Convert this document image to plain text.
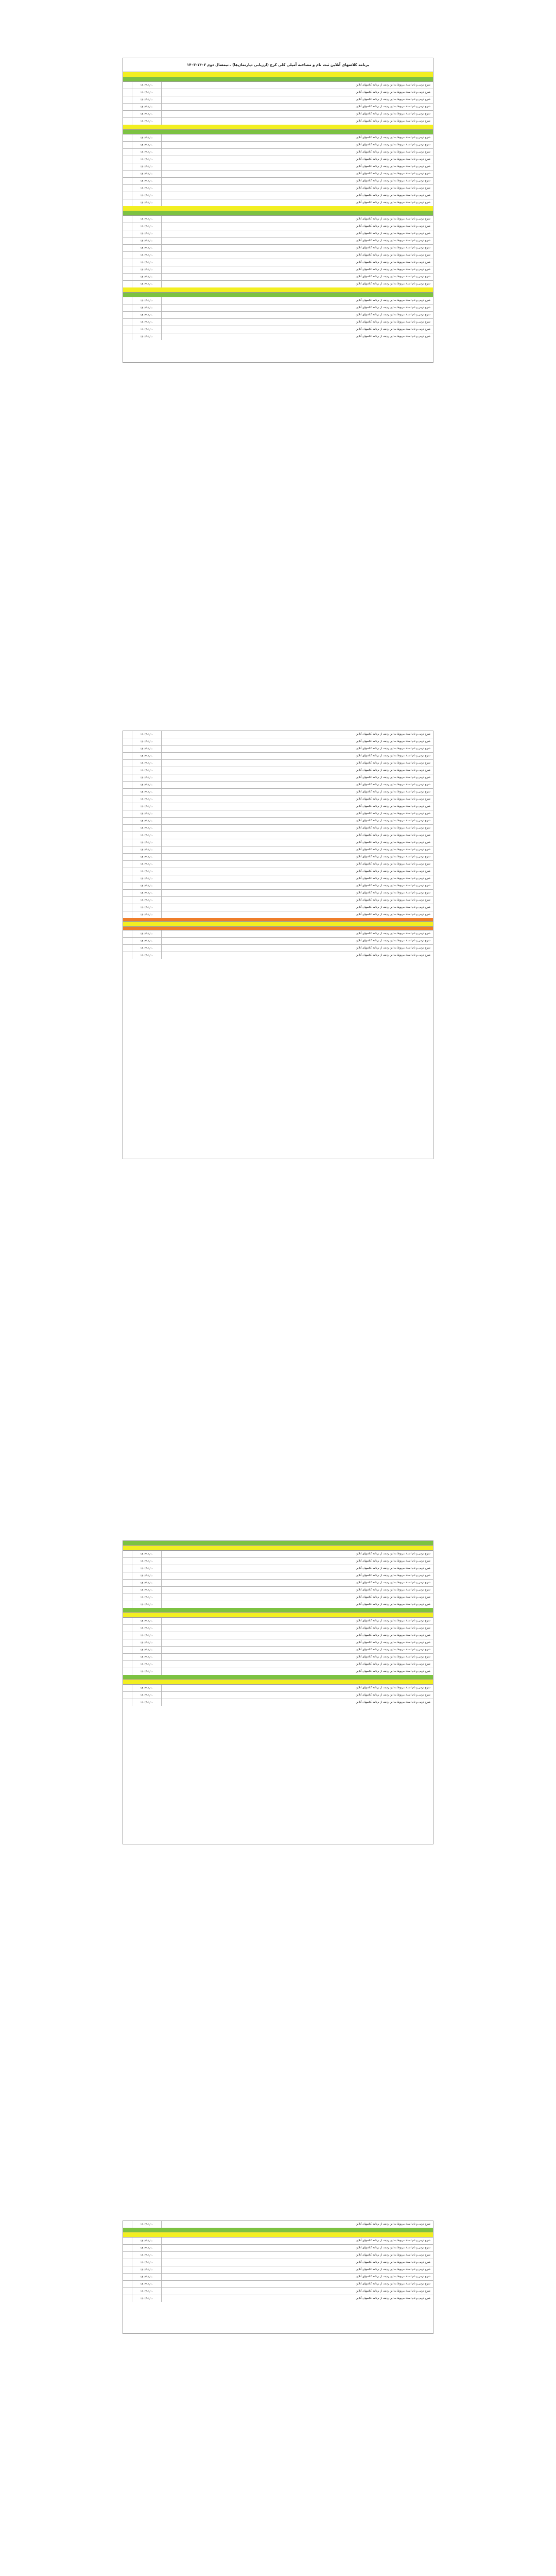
برنامه کلاسهای آنلاین ثبت نام و مصاحبه آمپلی کلی کرج (ارزیابی دپارتمان‌ها) ـ نیمسال دوم ۱۴۰۲-۱۴۰۳
شرح درس و نام استاد مربوط به این ردیف از برنامه کلاسهای آنلاین
۱۴۰۲/۰۱/۱۰
شرح درس و نام استاد مربوط به این ردیف از برنامه کلاسهای آنلاین
۱۴۰۲/۰۱/۱۰
شرح درس و نام استاد مربوط به این ردیف از برنامه کلاسهای آنلاین
۱۴۰۲/۰۱/۱۰
شرح درس و نام استاد مربوط به این ردیف از برنامه کلاسهای آنلاین
۱۴۰۲/۰۱/۱۰
شرح درس و نام استاد مربوط به این ردیف از برنامه کلاسهای آنلاین
۱۴۰۲/۰۱/۱۰
شرح درس و نام استاد مربوط به این ردیف از برنامه کلاسهای آنلاین
۱۴۰۲/۰۱/۱۰
شرح درس و نام استاد مربوط به این ردیف از برنامه کلاسهای آنلاین
۱۴۰۲/۰۱/۱۰
شرح درس و نام استاد مربوط به این ردیف از برنامه کلاسهای آنلاین
۱۴۰۲/۰۱/۱۰
شرح درس و نام استاد مربوط به این ردیف از برنامه کلاسهای آنلاین
۱۴۰۲/۰۱/۱۰
شرح درس و نام استاد مربوط به این ردیف از برنامه کلاسهای آنلاین
۱۴۰۲/۰۱/۱۰
شرح درس و نام استاد مربوط به این ردیف از برنامه کلاسهای آنلاین
۱۴۰۲/۰۱/۱۰
شرح درس و نام استاد مربوط به این ردیف از برنامه کلاسهای آنلاین
۱۴۰۲/۰۱/۱۰
شرح درس و نام استاد مربوط به این ردیف از برنامه کلاسهای آنلاین
۱۴۰۲/۰۱/۱۰
شرح درس و نام استاد مربوط به این ردیف از برنامه کلاسهای آنلاین
۱۴۰۲/۰۱/۱۰
شرح درس و نام استاد مربوط به این ردیف از برنامه کلاسهای آنلاین
۱۴۰۲/۰۱/۱۰
شرح درس و نام استاد مربوط به این ردیف از برنامه کلاسهای آنلاین
۱۴۰۲/۰۱/۱۰
شرح درس و نام استاد مربوط به این ردیف از برنامه کلاسهای آنلاین
۱۴۰۲/۰۱/۱۰
شرح درس و نام استاد مربوط به این ردیف از برنامه کلاسهای آنلاین
۱۴۰۲/۰۱/۱۰
شرح درس و نام استاد مربوط به این ردیف از برنامه کلاسهای آنلاین
۱۴۰۲/۰۱/۱۰
شرح درس و نام استاد مربوط به این ردیف از برنامه کلاسهای آنلاین
۱۴۰۲/۰۱/۱۰
شرح درس و نام استاد مربوط به این ردیف از برنامه کلاسهای آنلاین
۱۴۰۲/۰۱/۱۰
شرح درس و نام استاد مربوط به این ردیف از برنامه کلاسهای آنلاین
۱۴۰۲/۰۱/۱۰
شرح درس و نام استاد مربوط به این ردیف از برنامه کلاسهای آنلاین
۱۴۰۲/۰۱/۱۰
شرح درس و نام استاد مربوط به این ردیف از برنامه کلاسهای آنلاین
۱۴۰۲/۰۱/۱۰
شرح درس و نام استاد مربوط به این ردیف از برنامه کلاسهای آنلاین
۱۴۰۲/۰۱/۱۰
شرح درس و نام استاد مربوط به این ردیف از برنامه کلاسهای آنلاین
۱۴۰۲/۰۱/۱۰
شرح درس و نام استاد مربوط به این ردیف از برنامه کلاسهای آنلاین
۱۴۰۲/۰۱/۱۰
شرح درس و نام استاد مربوط به این ردیف از برنامه کلاسهای آنلاین
۱۴۰۲/۰۱/۱۰
شرح درس و نام استاد مربوط به این ردیف از برنامه کلاسهای آنلاین
۱۴۰۲/۰۱/۱۰
شرح درس و نام استاد مربوط به این ردیف از برنامه کلاسهای آنلاین
۱۴۰۲/۰۱/۱۰
شرح درس و نام استاد مربوط به این ردیف از برنامه کلاسهای آنلاین
۱۴۰۲/۰۱/۱۰
شرح درس و نام استاد مربوط به این ردیف از برنامه کلاسهای آنلاین
۱۴۰۲/۰۱/۱۰
شرح درس و نام استاد مربوط به این ردیف از برنامه کلاسهای آنلاین
۱۴۰۲/۰۱/۱۰
شرح درس و نام استاد مربوط به این ردیف از برنامه کلاسهای آنلاین
۱۴۰۲/۰۱/۱۰
شرح درس و نام استاد مربوط به این ردیف از برنامه کلاسهای آنلاین
۱۴۰۲/۰۱/۱۰
شرح درس و نام استاد مربوط به این ردیف از برنامه کلاسهای آنلاین
۱۴۰۲/۰۱/۱۰
شرح درس و نام استاد مربوط به این ردیف از برنامه کلاسهای آنلاین
۱۴۰۲/۰۱/۱۰
شرح درس و نام استاد مربوط به این ردیف از برنامه کلاسهای آنلاین
۱۴۰۲/۰۱/۱۰
شرح درس و نام استاد مربوط به این ردیف از برنامه کلاسهای آنلاین
۱۴۰۲/۰۱/۱۰
شرح درس و نام استاد مربوط به این ردیف از برنامه کلاسهای آنلاین
۱۴۰۲/۰۱/۱۰
شرح درس و نام استاد مربوط به این ردیف از برنامه کلاسهای آنلاین
۱۴۰۲/۰۱/۱۰
شرح درس و نام استاد مربوط به این ردیف از برنامه کلاسهای آنلاین
۱۴۰۲/۰۱/۱۰
شرح درس و نام استاد مربوط به این ردیف از برنامه کلاسهای آنلاین
۱۴۰۲/۰۱/۱۰
شرح درس و نام استاد مربوط به این ردیف از برنامه کلاسهای آنلاین
۱۴۰۲/۰۱/۱۰
شرح درس و نام استاد مربوط به این ردیف از برنامه کلاسهای آنلاین
۱۴۰۲/۰۱/۱۰
شرح درس و نام استاد مربوط به این ردیف از برنامه کلاسهای آنلاین
۱۴۰۲/۰۱/۱۰
شرح درس و نام استاد مربوط به این ردیف از برنامه کلاسهای آنلاین
۱۴۰۲/۰۱/۱۰
شرح درس و نام استاد مربوط به این ردیف از برنامه کلاسهای آنلاین
۱۴۰۲/۰۱/۱۰
شرح درس و نام استاد مربوط به این ردیف از برنامه کلاسهای آنلاین
۱۴۰۲/۰۱/۱۰
شرح درس و نام استاد مربوط به این ردیف از برنامه کلاسهای آنلاین
۱۴۰۲/۰۱/۱۰
شرح درس و نام استاد مربوط به این ردیف از برنامه کلاسهای آنلاین
۱۴۰۲/۰۱/۱۰
شرح درس و نام استاد مربوط به این ردیف از برنامه کلاسهای آنلاین
۱۴۰۲/۰۱/۱۰
شرح درس و نام استاد مربوط به این ردیف از برنامه کلاسهای آنلاین
۱۴۰۲/۰۱/۱۰
شرح درس و نام استاد مربوط به این ردیف از برنامه کلاسهای آنلاین
۱۴۰۲/۰۱/۱۰
شرح درس و نام استاد مربوط به این ردیف از برنامه کلاسهای آنلاین
۱۴۰۲/۰۱/۱۰
شرح درس و نام استاد مربوط به این ردیف از برنامه کلاسهای آنلاین
۱۴۰۲/۰۱/۱۰
شرح درس و نام استاد مربوط به این ردیف از برنامه کلاسهای آنلاین
۱۴۰۲/۰۱/۱۰
شرح درس و نام استاد مربوط به این ردیف از برنامه کلاسهای آنلاین
۱۴۰۲/۰۱/۱۰
شرح درس و نام استاد مربوط به این ردیف از برنامه کلاسهای آنلاین
۱۴۰۲/۰۱/۱۰
شرح درس و نام استاد مربوط به این ردیف از برنامه کلاسهای آنلاین
۱۴۰۲/۰۱/۱۰
شرح درس و نام استاد مربوط به این ردیف از برنامه کلاسهای آنلاین
۱۴۰۲/۰۱/۱۰
شرح درس و نام استاد مربوط به این ردیف از برنامه کلاسهای آنلاین
۱۴۰۲/۰۱/۱۰
شرح درس و نام استاد مربوط به این ردیف از برنامه کلاسهای آنلاین
۱۴۰۲/۰۱/۱۰
شرح درس و نام استاد مربوط به این ردیف از برنامه کلاسهای آنلاین
۱۴۰۲/۰۱/۱۰
شرح درس و نام استاد مربوط به این ردیف از برنامه کلاسهای آنلاین
۱۴۰۲/۰۱/۱۰
شرح درس و نام استاد مربوط به این ردیف از برنامه کلاسهای آنلاین
۱۴۰۲/۰۱/۱۰
شرح درس و نام استاد مربوط به این ردیف از برنامه کلاسهای آنلاین
۱۴۰۲/۰۱/۱۰
شرح درس و نام استاد مربوط به این ردیف از برنامه کلاسهای آنلاین
۱۴۰۲/۰۱/۱۰
شرح درس و نام استاد مربوط به این ردیف از برنامه کلاسهای آنلاین
۱۴۰۲/۰۱/۱۰
شرح درس و نام استاد مربوط به این ردیف از برنامه کلاسهای آنلاین
۱۴۰۲/۰۱/۱۰
شرح درس و نام استاد مربوط به این ردیف از برنامه کلاسهای آنلاین
۱۴۰۲/۰۱/۱۰
شرح درس و نام استاد مربوط به این ردیف از برنامه کلاسهای آنلاین
۱۴۰۲/۰۱/۱۰
شرح درس و نام استاد مربوط به این ردیف از برنامه کلاسهای آنلاین
۱۴۰۲/۰۱/۱۰
شرح درس و نام استاد مربوط به این ردیف از برنامه کلاسهای آنلاین
۱۴۰۲/۰۱/۱۰
شرح درس و نام استاد مربوط به این ردیف از برنامه کلاسهای آنلاین
۱۴۰۲/۰۱/۱۰
شرح درس و نام استاد مربوط به این ردیف از برنامه کلاسهای آنلاین
۱۴۰۲/۰۱/۱۰
شرح درس و نام استاد مربوط به این ردیف از برنامه کلاسهای آنلاین
۱۴۰۲/۰۱/۱۰
شرح درس و نام استاد مربوط به این ردیف از برنامه کلاسهای آنلاین
۱۴۰۲/۰۱/۱۰
شرح درس و نام استاد مربوط به این ردیف از برنامه کلاسهای آنلاین
۱۴۰۲/۰۱/۱۰
شرح درس و نام استاد مربوط به این ردیف از برنامه کلاسهای آنلاین
۱۴۰۲/۰۱/۱۰
شرح درس و نام استاد مربوط به این ردیف از برنامه کلاسهای آنلاین
۱۴۰۲/۰۱/۱۰
شرح درس و نام استاد مربوط به این ردیف از برنامه کلاسهای آنلاین
۱۴۰۲/۰۱/۱۰
شرح درس و نام استاد مربوط به این ردیف از برنامه کلاسهای آنلاین
۱۴۰۲/۰۱/۱۰
شرح درس و نام استاد مربوط به این ردیف از برنامه کلاسهای آنلاین
۱۴۰۲/۰۱/۱۰
شرح درس و نام استاد مربوط به این ردیف از برنامه کلاسهای آنلاین
۱۴۰۲/۰۱/۱۰
شرح درس و نام استاد مربوط به این ردیف از برنامه کلاسهای آنلاین
۱۴۰۲/۰۱/۱۰
شرح درس و نام استاد مربوط به این ردیف از برنامه کلاسهای آنلاین
۱۴۰۲/۰۱/۱۰
شرح درس و نام استاد مربوط به این ردیف از برنامه کلاسهای آنلاین
۱۴۰۲/۰۱/۱۰
شرح درس و نام استاد مربوط به این ردیف از برنامه کلاسهای آنلاین
۱۴۰۲/۰۱/۱۰
شرح درس و نام استاد مربوط به این ردیف از برنامه کلاسهای آنلاین
۱۴۰۲/۰۱/۱۰
شرح درس و نام استاد مربوط به این ردیف از برنامه کلاسهای آنلاین
۱۴۰۲/۰۱/۱۰
